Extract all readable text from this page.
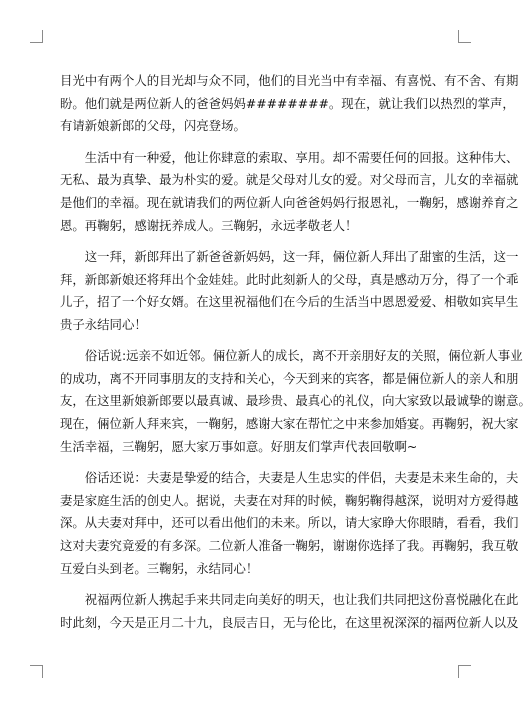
目光中有两个人的目光却与众不同，他们的目光当中有幸福、有喜悦、有不舍、有期
盼。他们就是两位新人的爸爸妈妈########。现在，就让我们以热烈的掌声，
有请新娘新郎的父母，闪亮登场。
　　生活中有一种爱，他让你肆意的索取、享用。却不需要任何的回报。这种伟大、
无私、最为真挚、最为朴实的爱。就是父母对儿女的爱。对父母而言，儿女的幸福就
是他们的幸福。现在就请我们的两位新人向爸爸妈妈行报恩礼，一鞠躬，感谢养育之
恩。再鞠躬，感谢抚养成人。三鞠躬，永远孝敬老人！
　　这一拜，新郎拜出了新爸爸新妈妈，这一拜，倆位新人拜出了甜蜜的生活，这一
拜，新郎新娘还将拜出个金娃娃。此时此刻新人的父母，真是感动万分，得了一个乖
儿子，招了一个好女婿。在这里祝福他们在今后的生活当中恩恩爱爱、相敬如宾早生
贵子永结同心！
　　俗话说:远亲不如近邻。倆位新人的成长，离不开亲朋好友的关照，倆位新人事业
的成功，离不开同事朋友的支持和关心，今天到来的宾客，都是倆位新人的亲人和朋
友，在这里新娘新郎要以最真诚、最珍贵、最真心的礼仪，向大家致以最诚挚的谢意。
现在，倆位新人拜来宾，一鞠躬，感谢大家在帮忙之中来参加婚宴。再鞠躬，祝大家
生活幸福，三鞠躬，愿大家万事如意。好朋友们掌声代表回敬啊~
　　俗话还说：夫妻是挚爱的结合，夫妻是人生忠实的伴侣，夫妻是未来生命的，夫
妻是家庭生活的创史人。据说，夫妻在对拜的时候，鞠躬鞠得越深，说明对方爱得越
深。从夫妻对拜中，还可以看出他们的未来。所以，请大家睁大你眼睛，看看，我们
这对夫妻究竟爱的有多深。二位新人准备一鞠躬，谢谢你选择了我。再鞠躬，我互敬
互爱白头到老。三鞠躬，永结同心！
　　祝福两位新人携起手来共同走向美好的明天，也让我们共同把这份喜悦融化在此
时此刻，今天是正月二十九，良辰吉日，无与伦比，在这里祝深深的福两位新人以及
